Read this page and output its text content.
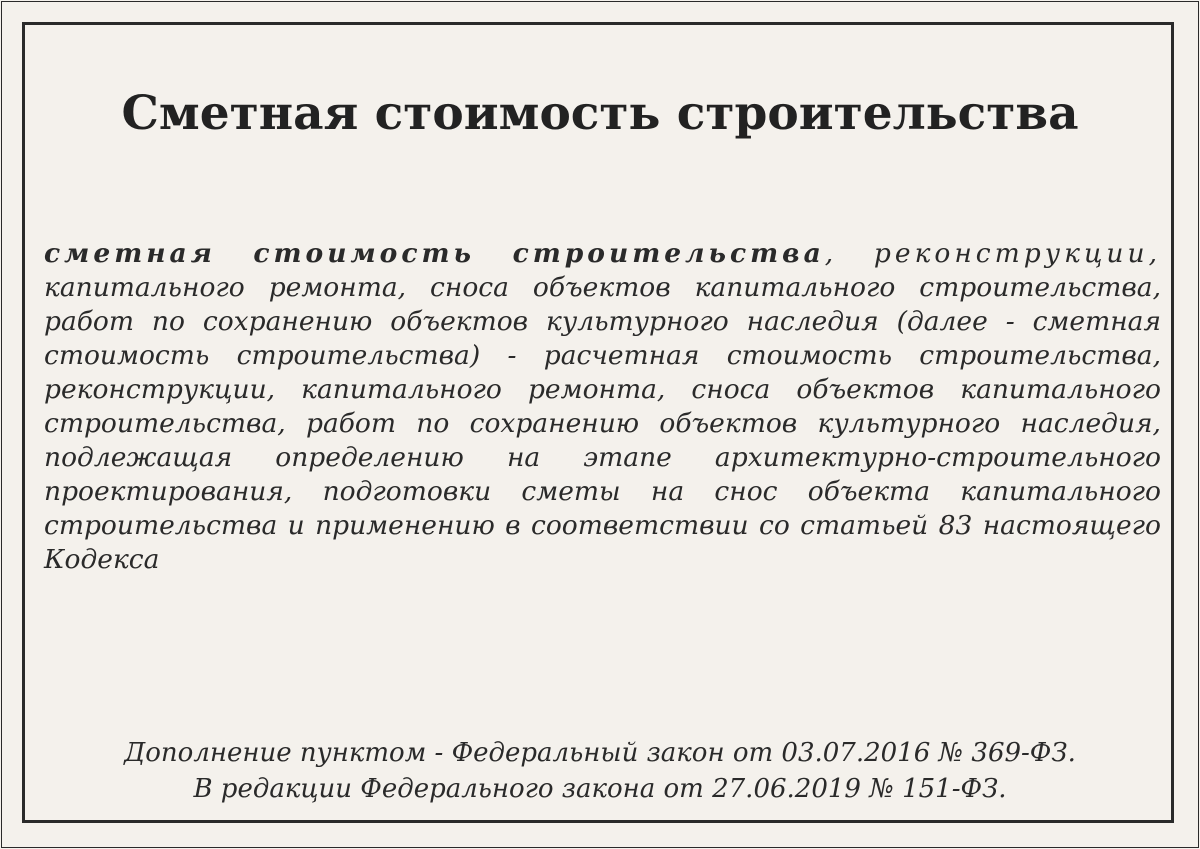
Сметная стоимость строительства

сметная стоимость строительства, реконструкции, капитального ремонта, сноса объектов капитального строительства, работ по сохранению объектов культурного наследия (далее - сметная стоимость строительства) - расчетная стоимость строительства, реконструкции, капитального ремонта, сноса объектов капитального строительства, работ по сохранению объектов культурного наследия, подлежащая определению на этапе архитектурно-строительного проектирования, подготовки сметы на снос объекта капитального строительства и применению в соответствии со статьей 83 настоящего Кодекса

Дополнение пунктом - Федеральный закон от 03.07.2016 № 369-ФЗ.
В редакции Федерального закона от 27.06.2019 № 151-ФЗ.
